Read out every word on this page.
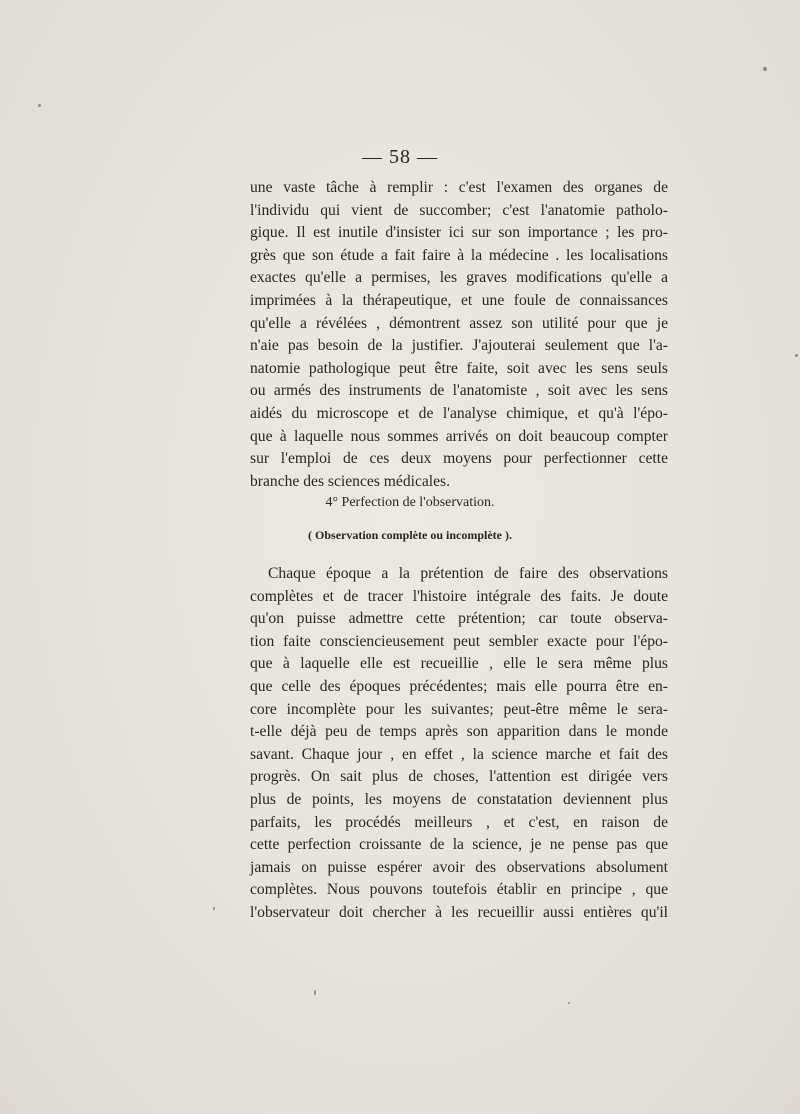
— 58 —

une vaste tâche à remplir : c'est l'examen des organes de
l'individu qui vient de succomber; c'est l'anatomie patholo-
gique. Il est inutile d'insister ici sur son importance ; les pro-
grès que son étude a fait faire à la médecine . les localisations
exactes qu'elle a permises, les graves modifications qu'elle a
imprimées à la thérapeutique, et une foule de connaissances
qu'elle a révélées , démontrent assez son utilité pour que je
n'aie pas besoin de la justifier. J'ajouterai seulement que l'a-
natomie pathologique peut être faite, soit avec les sens seuls
ou armés des instruments de l'anatomiste , soit avec les sens
aidés du microscope et de l'analyse chimique, et qu'à l'épo-
que à laquelle nous sommes arrivés on doit beaucoup compter
sur l'emploi de ces deux moyens pour perfectionner cette
branche des sciences médicales.

4° Perfection de l'observation.
( Observation complète ou incomplète ).

Chaque époque a la prétention de faire des observations
complètes et de tracer l'histoire intégrale des faits. Je doute
qu'on puisse admettre cette prétention; car toute observa-
tion faite consciencieusement peut sembler exacte pour l'épo-
que à laquelle elle est recueillie , elle le sera même plus
que celle des époques précédentes; mais elle pourra être en-
core incomplète pour les suivantes; peut-être même le sera-
t-elle déjà peu de temps après son apparition dans le monde
savant. Chaque jour , en effet , la science marche et fait des
progrès. On sait plus de choses, l'attention est dirigée vers
plus de points, les moyens de constatation deviennent plus
parfaits, les procédés meilleurs , et c'est, en raison de
cette perfection croissante de la science, je ne pense pas que
jamais on puisse espérer avoir des observations absolument
complètes. Nous pouvons toutefois établir en principe , que
l'observateur doit chercher à les recueillir aussi entières qu'il
